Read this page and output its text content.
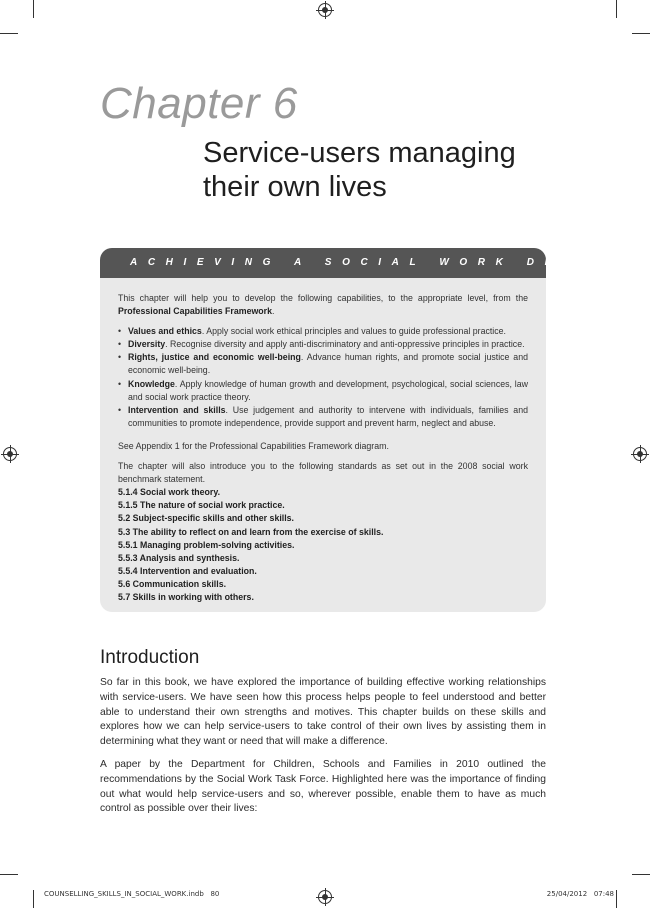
Chapter 6
Service-users managing
their own lives
ACHIEVING A SOCIAL WORK DEGREE

This chapter will help you to develop the following capabilities, to the appropriate level, from the Professional Capabilities Framework.

• Values and ethics. Apply social work ethical principles and values to guide professional practice.
• Diversity. Recognise diversity and apply anti-discriminatory and anti-oppressive principles in practice.
• Rights, justice and economic well-being. Advance human rights, and promote social justice and economic well-being.
• Knowledge. Apply knowledge of human growth and development, psychological, social sciences, law and social work practice theory.
• Intervention and skills. Use judgement and authority to intervene with individuals, families and communities to promote independence, provide support and prevent harm, neglect and abuse.

See Appendix 1 for the Professional Capabilities Framework diagram.

The chapter will also introduce you to the following standards as set out in the 2008 social work benchmark statement.

5.1.4 Social work theory.
5.1.5 The nature of social work practice.
5.2 Subject-specific skills and other skills.
5.3 The ability to reflect on and learn from the exercise of skills.
5.5.1 Managing problem-solving activities.
5.5.3 Analysis and synthesis.
5.5.4 Intervention and evaluation.
5.6 Communication skills.
5.7 Skills in working with others.
Introduction

So far in this book, we have explored the importance of building effective working relationships with service-users. We have seen how this process helps people to feel understood and better able to understand their own strengths and motives. This chapter builds on these skills and explores how we can help service-users to take control of their own lives by assisting them in determining what they want or need that will make a difference.

A paper by the Department for Children, Schools and Families in 2010 outlined the recommendations by the Social Work Task Force. Highlighted here was the importance of finding out what would help service-users and so, wherever possible, enable them to have as much control as possible over their lives:

COUNSELLING_SKILLS_IN_SOCIAL_WORK.indb   80	25/04/2012   07:48
